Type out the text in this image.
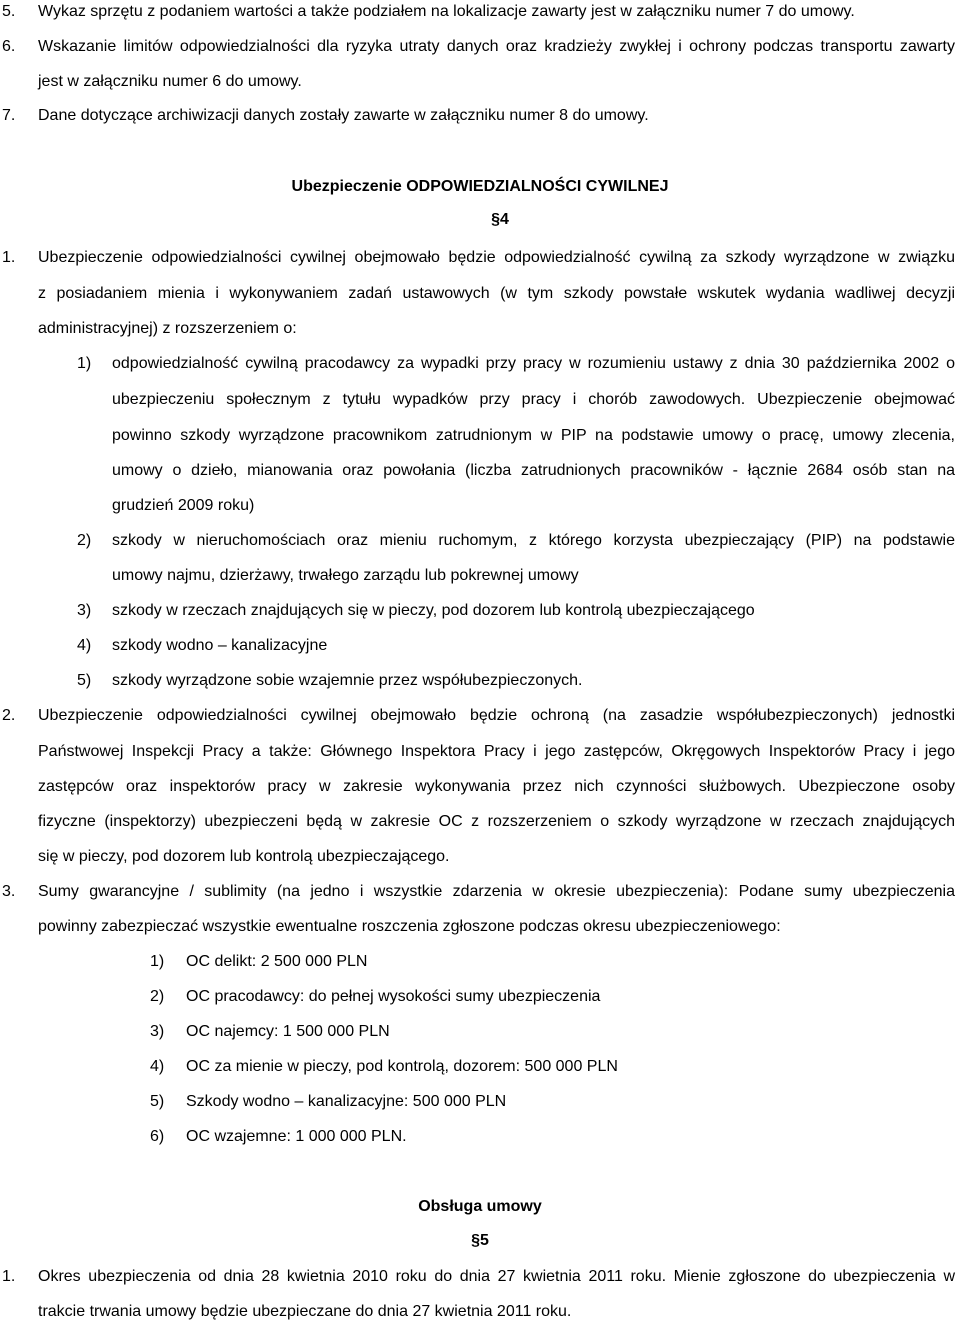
5. Wykaz sprzętu z podaniem wartości a także podziałem na lokalizacje zawarty jest w załączniku numer 7 do umowy.
6. Wskazanie limitów odpowiedzialności dla ryzyka utraty danych oraz kradzieży zwykłej i ochrony podczas transportu zawarty
jest w załączniku numer 6 do umowy.
7. Dane dotyczące archiwizacji danych zostały zawarte w załączniku numer 8 do umowy.
Ubezpieczenie ODPOWIEDZIALNOŚCI CYWILNEJ
§4
1. Ubezpieczenie odpowiedzialności cywilnej obejmowało będzie odpowiedzialność cywilną za szkody wyrządzone w związku
z posiadaniem mienia i wykonywaniem zadań ustawowych (w tym szkody powstałe wskutek wydania wadliwej decyzji
administracyjnej) z rozszerzeniem o:
1) odpowiedzialność cywilną pracodawcy za wypadki przy pracy w rozumieniu ustawy z dnia 30 października 2002 o
ubezpieczeniu społecznym z tytułu wypadków przy pracy i chorób zawodowych. Ubezpieczenie obejmować
powinno szkody wyrządzone pracownikom zatrudnionym w PIP na podstawie umowy o pracę, umowy zlecenia,
umowy o dzieło, mianowania oraz powołania (liczba zatrudnionych pracowników - łącznie 2684 osób stan na
grudzień 2009 roku)
2) szkody w nieruchomościach oraz mieniu ruchomym, z którego korzysta ubezpieczający (PIP) na podstawie
umowy najmu, dzierżawy, trwałego zarządu lub pokrewnej umowy
3) szkody w rzeczach znajdujących się w pieczy, pod dozorem lub kontrolą ubezpieczającego
4) szkody wodno – kanalizacyjne
5) szkody wyrządzone sobie wzajemnie przez współubezpieczonych.
2. Ubezpieczenie odpowiedzialności cywilnej obejmowało będzie ochroną (na zasadzie współubezpieczonych) jednostki
Państwowej Inspekcji Pracy a także: Głównego Inspektora Pracy i jego zastępców, Okręgowych Inspektorów Pracy i jego
zastępców oraz inspektorów pracy w zakresie wykonywania przez nich czynności służbowych. Ubezpieczone osoby
fizyczne (inspektorzy) ubezpieczeni będą w zakresie OC z rozszerzeniem o szkody wyrządzone w rzeczach znajdujących
się w pieczy, pod dozorem lub kontrolą ubezpieczającego.
3. Sumy gwarancyjne / sublimity (na jedno i wszystkie zdarzenia w okresie ubezpieczenia): Podane sumy ubezpieczenia
powinny zabezpieczać wszystkie ewentualne roszczenia zgłoszone podczas okresu ubezpieczeniowego:
1) OC delikt: 2 500 000 PLN
2) OC pracodawcy: do pełnej wysokości sumy ubezpieczenia
3) OC najemcy: 1 500 000 PLN
4) OC za mienie w pieczy, pod kontrolą, dozorem: 500 000 PLN
5) Szkody wodno – kanalizacyjne: 500 000 PLN
6) OC wzajemne: 1 000 000 PLN.
Obsługa umowy
§5
1. Okres ubezpieczenia od dnia 28 kwietnia 2010 roku do dnia 27 kwietnia 2011 roku. Mienie zgłoszone do ubezpieczenia w
trakcie trwania umowy będzie ubezpieczane do dnia 27 kwietnia 2011 roku.
